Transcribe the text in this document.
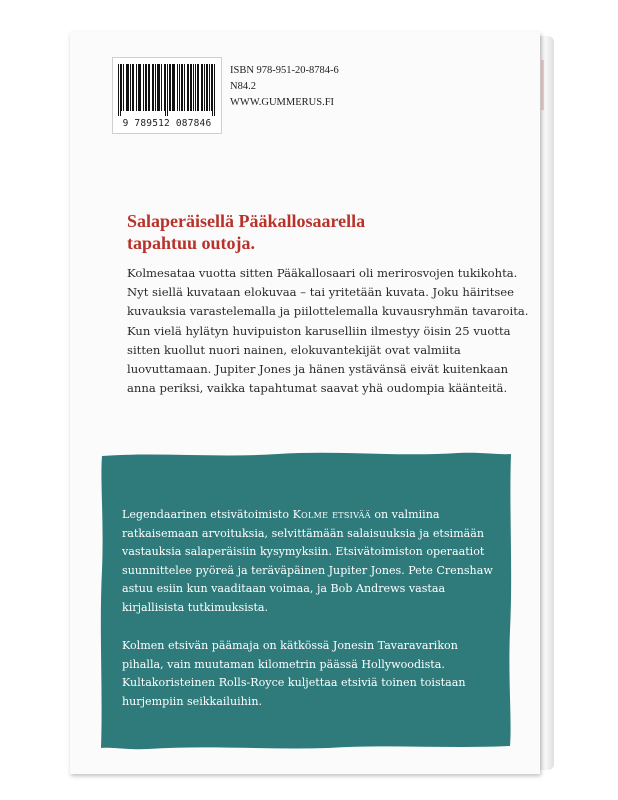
9 789512 087846
ISBN 978-951-20-8784-6
N84.2
WWW.GUMMERUS.FI
Salaperäisellä Pääkallosaarella tapahtuu outoja.

Kolmesataa vuotta sitten Pääkallosaari oli merirosvojen tukikohta. Nyt siellä kuvataan elokuvaa – tai yritetään kuvata. Joku häiritsee kuvauksia varastelemalla ja piilottelemalla kuvausryhmän tavaroita. Kun vielä hylätyn huvipuiston karuselliin ilmestyy öisin 25 vuotta sitten kuollut nuori nainen, elokuvantekijät ovat valmiita luovuttamaan. Jupiter Jones ja hänen ystävänsä eivät kuitenkaan anna periksi, vaikka tapahtumat saavat yhä oudompia käänteitä.

Legendaarinen etsivätoimisto Kolme etsivää on valmiina ratkaisemaan arvoituksia, selvittämään salaisuuksia ja etsimään vastauksia salaperäisiin kysymyksiin. Etsivätoimiston operaatiot suunnittelee pyöreä ja teräväpäinen Jupiter Jones. Pete Crenshaw astuu esiin kun vaaditaan voimaa, ja Bob Andrews vastaa kirjallisista tutkimuksista.

Kolmen etsivän päämaja on kätkössä Jonesin Tavaravarikon pihalla, vain muutaman kilometrin päässä Hollywoodista. Kultakoristeinen Rolls-Royce kuljettaa etsiviä toinen toistaan hurjempiin seikkailuihin.
